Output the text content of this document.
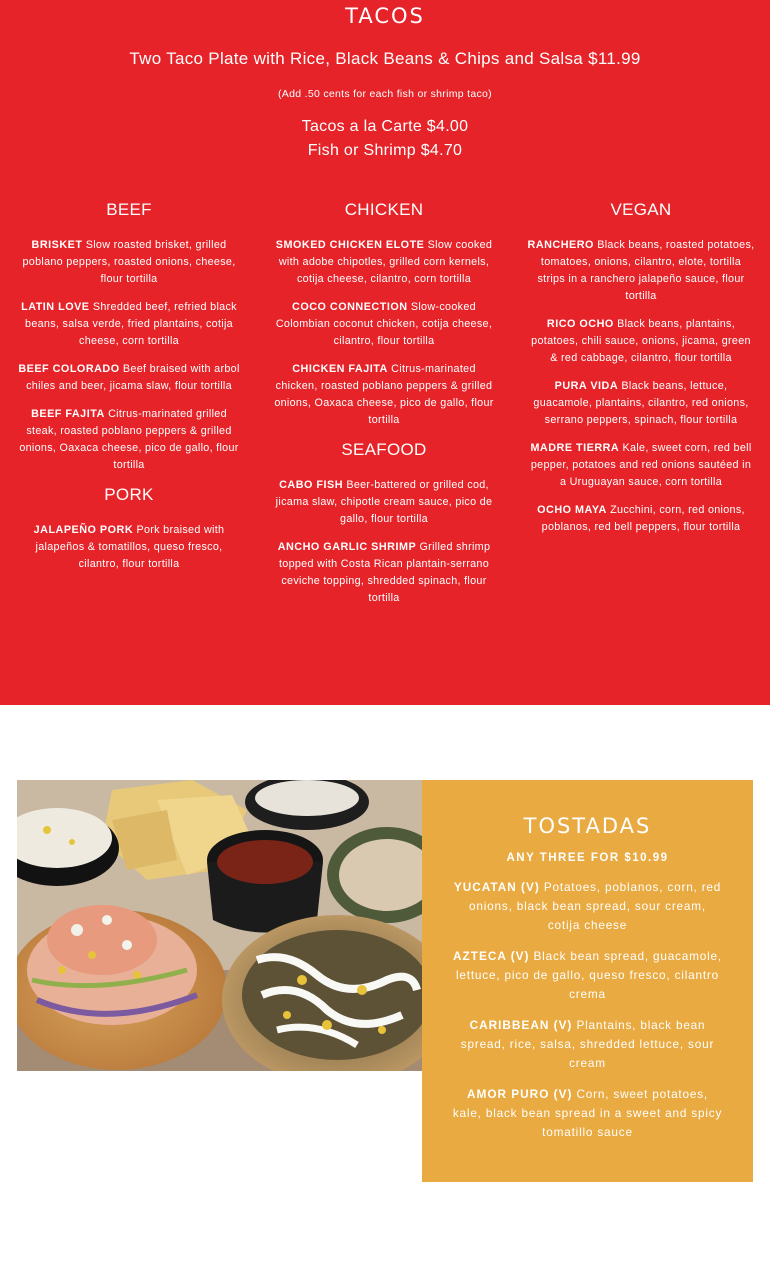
TACOS
Two Taco Plate with Rice, Black Beans & Chips and Salsa $11.99
(Add .50 cents for each fish or shrimp taco)
Tacos a la Carte $4.00
Fish or Shrimp $4.70
BEEF
BRISKET Slow roasted brisket, grilled poblano peppers, roasted onions, cheese, flour tortilla
LATIN LOVE Shredded beef, refried black beans, salsa verde, fried plantains, cotija cheese, corn tortilla
BEEF COLORADO Beef braised with arbol chiles and beer, jicama slaw, flour tortilla
BEEF FAJITA Citrus-marinated grilled steak, roasted poblano peppers & grilled onions, Oaxaca cheese, pico de gallo, flour tortilla
PORK
JALAPEÑO PORK Pork braised with jalapeños & tomatillos, queso fresco, cilantro, flour tortilla
CHICKEN
SMOKED CHICKEN ELOTE Slow cooked with adobe chipotles, grilled corn kernels, cotija cheese, cilantro, corn tortilla
COCO CONNECTION Slow-cooked Colombian coconut chicken, cotija cheese, cilantro, flour tortilla
CHICKEN FAJITA Citrus-marinated chicken, roasted poblano peppers & grilled onions, Oaxaca cheese, pico de gallo, flour tortilla
SEAFOOD
CABO FISH Beer-battered or grilled cod, jicama slaw, chipotle cream sauce, pico de gallo, flour tortilla
ANCHO GARLIC SHRIMP Grilled shrimp topped with Costa Rican plantain-serrano ceviche topping, shredded spinach, flour tortilla
VEGAN
RANCHERO Black beans, roasted potatoes, tomatoes, onions, cilantro, elote, tortilla strips in a ranchero jalapeño sauce, flour tortilla
RICO OCHO Black beans, plantains, potatoes, chili sauce, onions, jicama, green & red cabbage, cilantro, flour tortilla
PURA VIDA Black beans, lettuce, guacamole, plantains, cilantro, red onions, serrano peppers, spinach, flour tortilla
MADRE TIERRA Kale, sweet corn, red bell pepper, potatoes and red onions sautéed in a Uruguayan sauce, corn tortilla
OCHO MAYA Zucchini, corn, red onions, poblanos, red bell peppers, flour tortilla
TOSTADAS
ANY THREE FOR $10.99
YUCATAN (V) Potatoes, poblanos, corn, red onions, black bean spread, sour cream, cotija cheese
AZTECA (V) Black bean spread, guacamole, lettuce, pico de gallo, queso fresco, cilantro crema
CARIBBEAN (V) Plantains, black bean spread, rice, salsa, shredded lettuce, sour cream
AMOR PURO (V) Corn, sweet potatoes, kale, black bean spread in a sweet and spicy tomatillo sauce
